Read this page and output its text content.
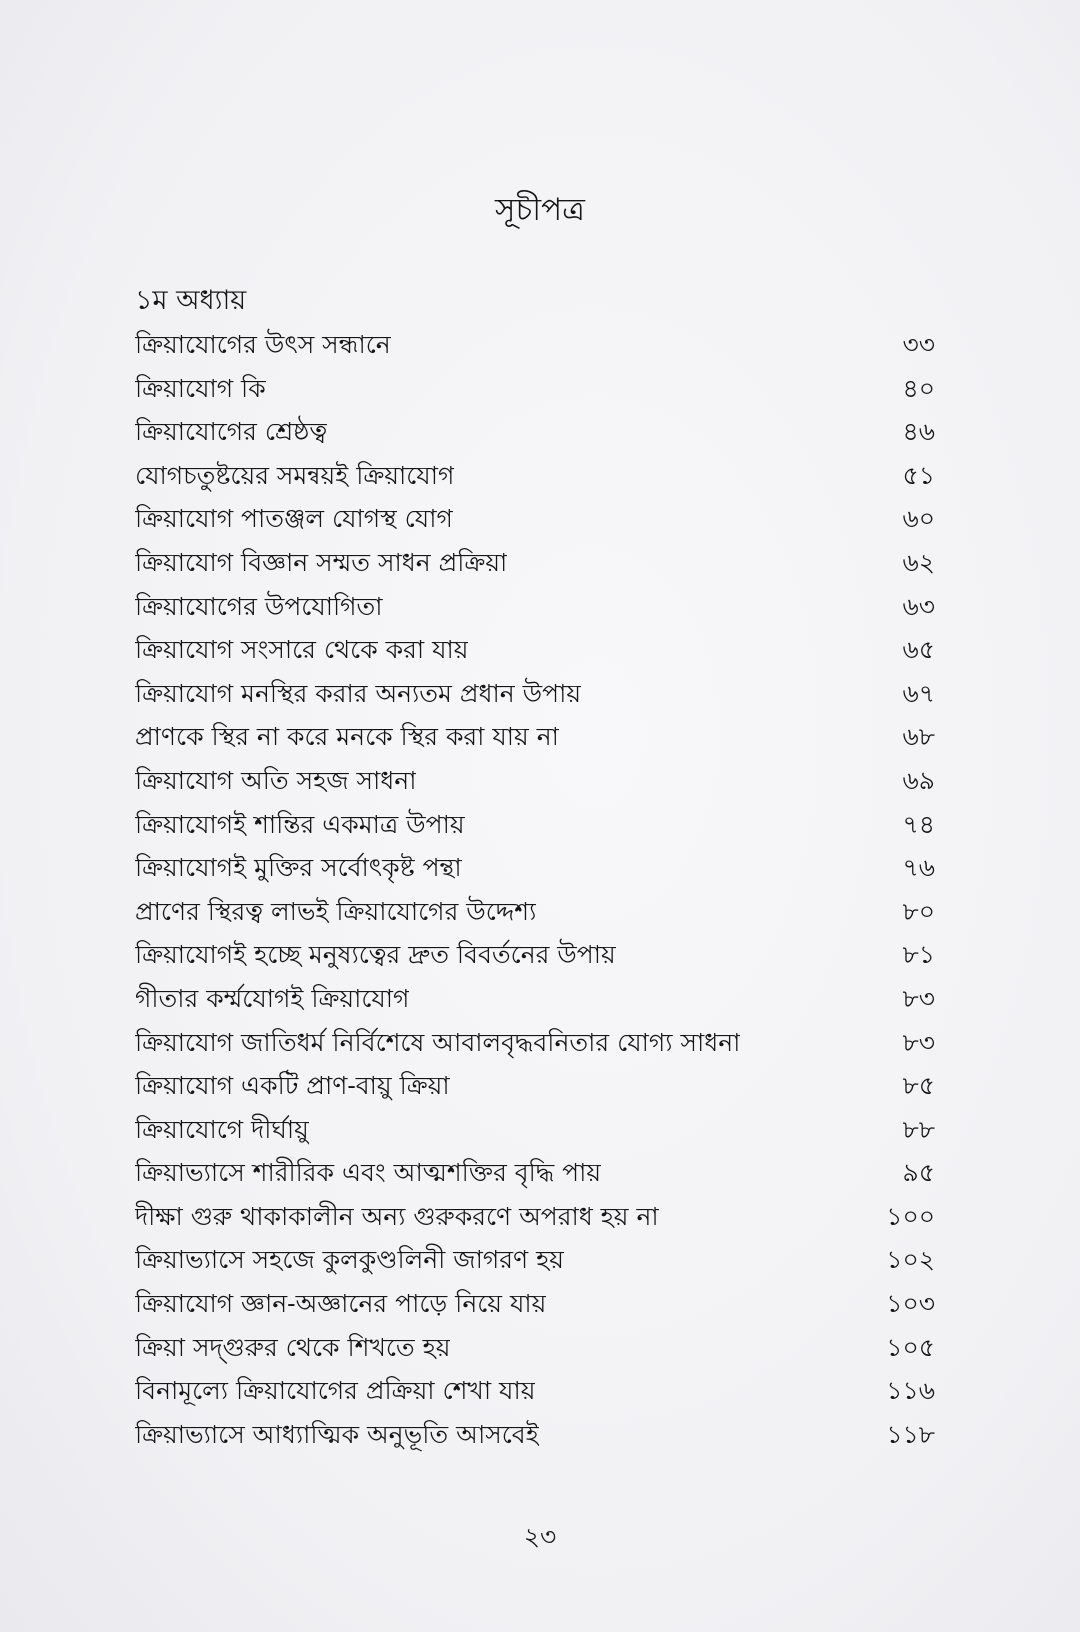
সূচীপত্র
১ম অধ্যায়
ক্রিয়াযোগের উৎস সন্ধানে	৩৩
ক্রিয়াযোগ কি	৪০
ক্রিয়াযোগের শ্রেষ্ঠত্ব	৪৬
যোগচতুষ্টয়ের সমন্বয়ই ক্রিয়াযোগ	৫১
ক্রিয়াযোগ পাতঞ্জল যোগস্থ যোগ	৬০
ক্রিয়াযোগ বিজ্ঞান সম্মত সাধন প্রক্রিয়া	৬২
ক্রিয়াযোগের উপযোগিতা	৬৩
ক্রিয়াযোগ সংসারে থেকে করা যায়	৬৫
ক্রিয়াযোগ মনস্থির করার অন্যতম প্রধান উপায়	৬৭
প্রাণকে স্থির না করে মনকে স্থির করা যায় না	৬৮
ক্রিয়াযোগ অতি সহজ সাধনা	৬৯
ক্রিয়াযোগই শান্তির একমাত্র উপায়	৭৪
ক্রিয়াযোগই মুক্তির সর্বোৎকৃষ্ট পন্থা	৭৬
প্রাণের স্থিরত্ব লাভই ক্রিয়াযোগের উদ্দেশ্য	৮০
ক্রিয়াযোগই হচ্ছে মনুষ্যত্বের দ্রুত বিবর্তনের উপায়	৮১
গীতার কর্ম্মযোগই ক্রিয়াযোগ	৮৩
ক্রিয়াযোগ জাতিধর্ম নির্বিশেষে আবালবৃদ্ধবনিতার যোগ্য সাধনা	৮৩
ক্রিয়াযোগ একটি প্রাণ-বায়ু ক্রিয়া	৮৫
ক্রিয়াযোগে দীর্ঘায়ু	৮৮
ক্রিয়াভ্যাসে শারীরিক এবং আত্মশক্তির বৃদ্ধি পায়	৯৫
দীক্ষা গুরু থাকাকালীন অন্য গুরুকরণে অপরাধ হয় না	১০০
ক্রিয়াভ্যাসে সহজে কুলকুণ্ডলিনী জাগরণ হয়	১০২
ক্রিয়াযোগ জ্ঞান-অজ্ঞানের পাড়ে নিয়ে যায়	১০৩
ক্রিয়া সদ্‌গুরুর থেকে শিখতে হয়	১০৫
বিনামূল্যে ক্রিয়াযোগের প্রক্রিয়া শেখা যায়	১১৬
ক্রিয়াভ্যাসে আধ্যাত্মিক অনুভূতি আসবেই	১১৮
২৩
